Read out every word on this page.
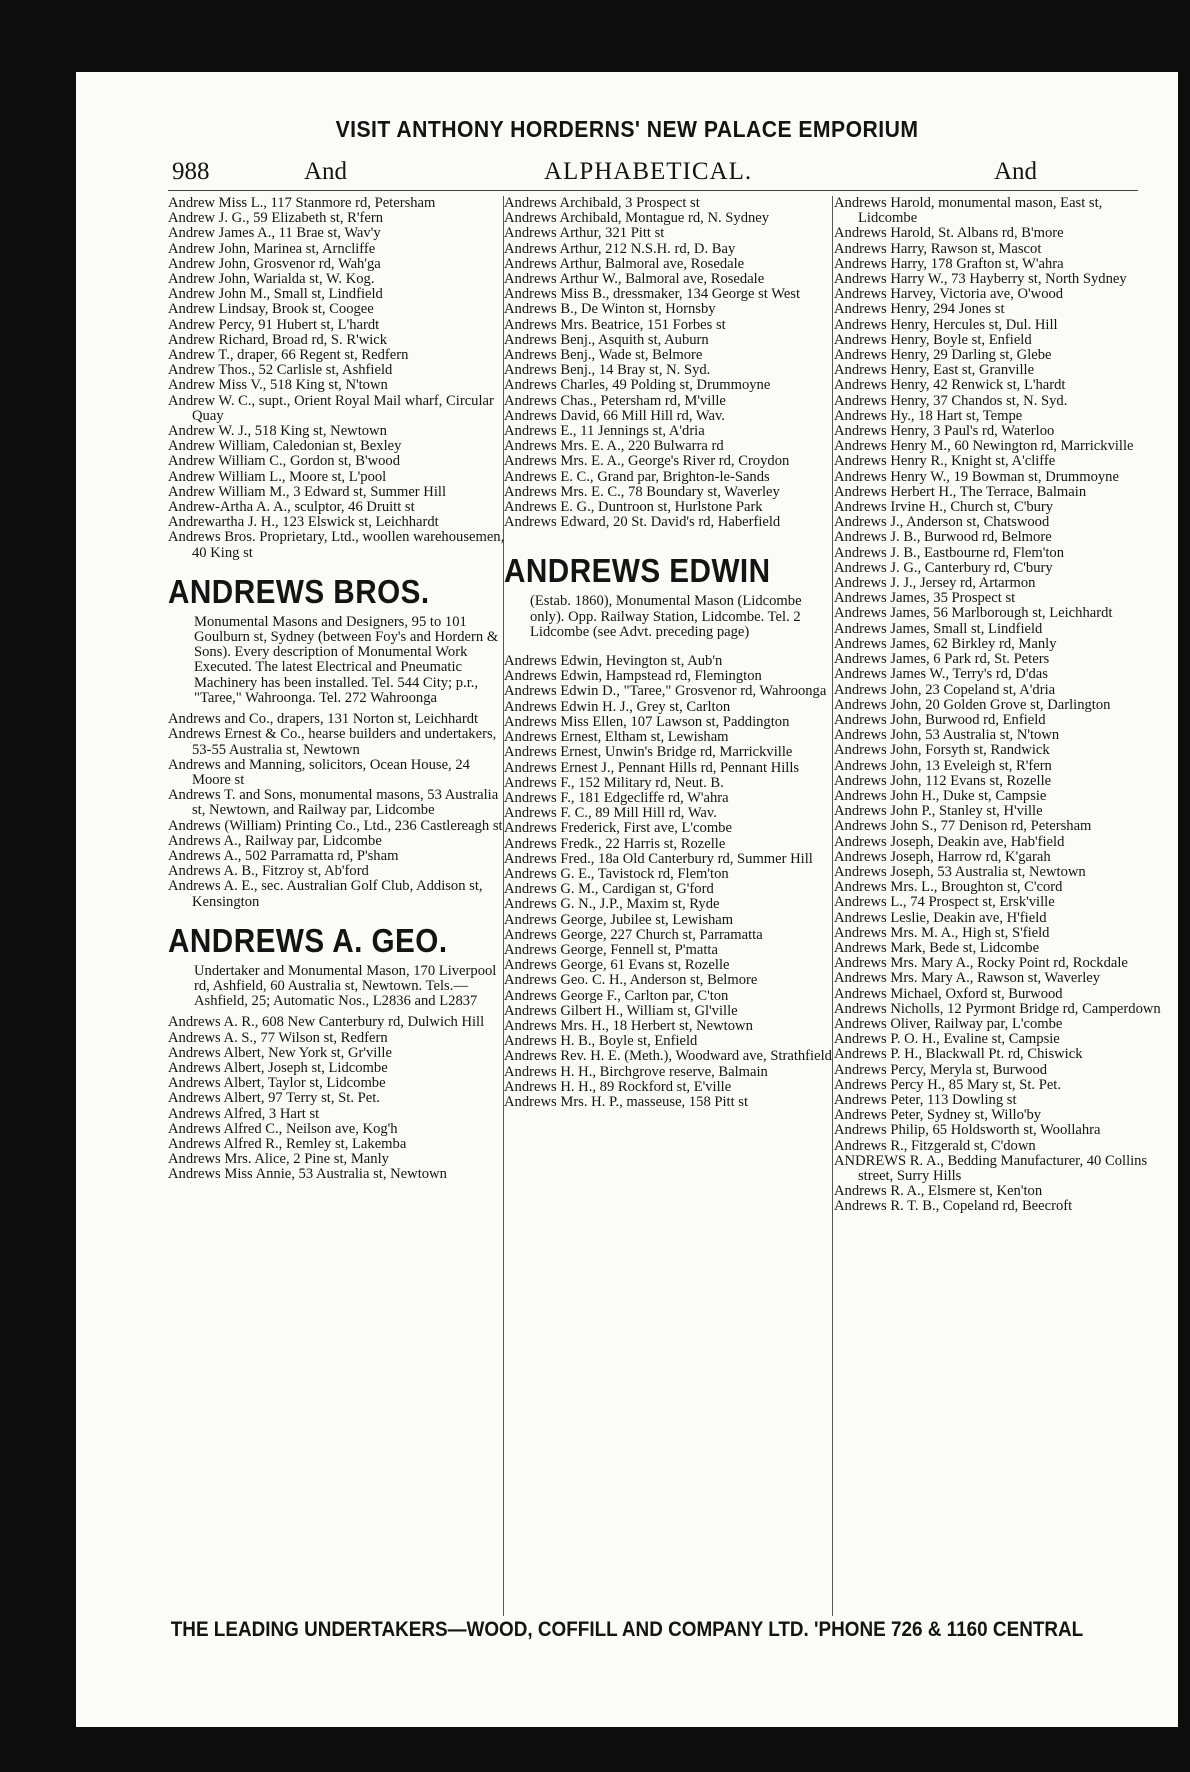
VISIT ANTHONY HORDERNS' NEW PALACE EMPORIUM
988	And	ALPHABETICAL.	And

Andrew Miss L., 117 Stanmore rd, Petersham

Andrew J. G., 59 Elizabeth st, R'fern

Andrew James A., 11 Brae st, Wav'y

Andrew John, Marinea st, Arncliffe

Andrew John, Grosvenor rd, Wah'ga

Andrew John, Warialda st, W. Kog.

Andrew John M., Small st, Lindfield

Andrew Lindsay, Brook st, Coogee

Andrew Percy, 91 Hubert st, L'hardt

Andrew Richard, Broad rd, S. R'wick

Andrew T., draper, 66 Regent st, Redfern

Andrew Thos., 52 Carlisle st, Ashfield

Andrew Miss V., 518 King st, N'town

Andrew W. C., supt., Orient Royal Mail wharf, Circular Quay

Andrew W. J., 518 King st, Newtown

Andrew William, Caledonian st, Bexley

Andrew William C., Gordon st, B'wood

Andrew William L., Moore st, L'pool

Andrew William M., 3 Edward st, Summer Hill

Andrew-Artha A. A., sculptor, 46 Druitt st

Andrewartha J. H., 123 Elswick st, Leichhardt

Andrews Bros. Proprietary, Ltd., woollen warehousemen, 40 King st

ANDREWS BROS.

Monumental Masons and Designers, 95 to 101 Goulburn st, Sydney (between Foy's and Hordern & Sons). Every description of Monumental Work Executed. The latest Electrical and Pneumatic Machinery has been installed. Tel. 544 City; p.r., "Taree," Wahroonga. Tel. 272 Wahroonga

Andrews and Co., drapers, 131 Norton st, Leichhardt

Andrews Ernest & Co., hearse builders and undertakers, 53-55 Australia st, Newtown

Andrews and Manning, solicitors, Ocean House, 24 Moore st

Andrews T. and Sons, monumental masons, 53 Australia st, Newtown, and Railway par, Lidcombe

Andrews (William) Printing Co., Ltd., 236 Castlereagh st

Andrews A., Railway par, Lidcombe

Andrews A., 502 Parramatta rd, P'sham

Andrews A. B., Fitzroy st, Ab'ford

Andrews A. E., sec. Australian Golf Club, Addison st, Kensington

ANDREWS A. GEO.

Undertaker and Monumental Mason, 170 Liverpool rd, Ashfield, 60 Australia st, Newtown. Tels.—Ashfield, 25; Automatic Nos., L2836 and L2837

Andrews A. R., 608 New Canterbury rd, Dulwich Hill

Andrews A. S., 77 Wilson st, Redfern

Andrews Albert, New York st, Gr'ville

Andrews Albert, Joseph st, Lidcombe

Andrews Albert, Taylor st, Lidcombe

Andrews Albert, 97 Terry st, St. Pet.

Andrews Alfred, 3 Hart st

Andrews Alfred C., Neilson ave, Kog'h

Andrews Alfred R., Remley st, Lakemba

Andrews Mrs. Alice, 2 Pine st, Manly

Andrews Miss Annie, 53 Australia st, Newtown

Andrews Archibald, 3 Prospect st

Andrews Archibald, Montague rd, N. Sydney

Andrews Arthur, 321 Pitt st

Andrews Arthur, 212 N.S.H. rd, D. Bay

Andrews Arthur, Balmoral ave, Rosedale

Andrews Arthur W., Balmoral ave, Rosedale

Andrews Miss B., dressmaker, 134 George st West

Andrews B., De Winton st, Hornsby

Andrews Mrs. Beatrice, 151 Forbes st

Andrews Benj., Asquith st, Auburn

Andrews Benj., Wade st, Belmore

Andrews Benj., 14 Bray st, N. Syd.

Andrews Charles, 49 Polding st, Drummoyne

Andrews Chas., Petersham rd, M'ville

Andrews David, 66 Mill Hill rd, Wav.

Andrews E., 11 Jennings st, A'dria

Andrews Mrs. E. A., 220 Bulwarra rd

Andrews Mrs. E. A., George's River rd, Croydon

Andrews E. C., Grand par, Brighton-le-Sands

Andrews Mrs. E. C., 78 Boundary st, Waverley

Andrews E. G., Duntroon st, Hurlstone Park

Andrews Edward, 20 St. David's rd, Haberfield

ANDREWS EDWIN

(Estab. 1860), Monumental Mason (Lidcombe only). Opp. Railway Station, Lidcombe. Tel. 2 Lidcombe (see Advt. preceding page)

Andrews Edwin, Hevington st, Aub'n

Andrews Edwin, Hampstead rd, Flemington

Andrews Edwin D., "Taree," Grosvenor rd, Wahroonga

Andrews Edwin H. J., Grey st, Carlton

Andrews Miss Ellen, 107 Lawson st, Paddington

Andrews Ernest, Eltham st, Lewisham

Andrews Ernest, Unwin's Bridge rd, Marrickville

Andrews Ernest J., Pennant Hills rd, Pennant Hills

Andrews F., 152 Military rd, Neut. B.

Andrews F., 181 Edgecliffe rd, W'ahra

Andrews F. C., 89 Mill Hill rd, Wav.

Andrews Frederick, First ave, L'combe

Andrews Fredk., 22 Harris st, Rozelle

Andrews Fred., 18a Old Canterbury rd, Summer Hill

Andrews G. E., Tavistock rd, Flem'ton

Andrews G. M., Cardigan st, G'ford

Andrews G. N., J.P., Maxim st, Ryde

Andrews George, Jubilee st, Lewisham

Andrews George, 227 Church st, Parramatta

Andrews George, Fennell st, P'matta

Andrews George, 61 Evans st, Rozelle

Andrews Geo. C. H., Anderson st, Belmore

Andrews George F., Carlton par, C'ton

Andrews Gilbert H., William st, Gl'ville

Andrews Mrs. H., 18 Herbert st, Newtown

Andrews H. B., Boyle st, Enfield

Andrews Rev. H. E. (Meth.), Woodward ave, Strathfield

Andrews H. H., Birchgrove reserve, Balmain

Andrews H. H., 89 Rockford st, E'ville

Andrews Mrs. H. P., masseuse, 158 Pitt st

Andrews Harold, monumental mason, East st, Lidcombe

Andrews Harold, St. Albans rd, B'more

Andrews Harry, Rawson st, Mascot

Andrews Harry, 178 Grafton st, W'ahra

Andrews Harry W., 73 Hayberry st, North Sydney

Andrews Harvey, Victoria ave, O'wood

Andrews Henry, 294 Jones st

Andrews Henry, Hercules st, Dul. Hill

Andrews Henry, Boyle st, Enfield

Andrews Henry, 29 Darling st, Glebe

Andrews Henry, East st, Granville

Andrews Henry, 42 Renwick st, L'hardt

Andrews Henry, 37 Chandos st, N. Syd.

Andrews Hy., 18 Hart st, Tempe

Andrews Henry, 3 Paul's rd, Waterloo

Andrews Henry M., 60 Newington rd, Marrickville

Andrews Henry R., Knight st, A'cliffe

Andrews Henry W., 19 Bowman st, Drummoyne

Andrews Herbert H., The Terrace, Balmain

Andrews Irvine H., Church st, C'bury

Andrews J., Anderson st, Chatswood

Andrews J. B., Burwood rd, Belmore

Andrews J. B., Eastbourne rd, Flem'ton

Andrews J. G., Canterbury rd, C'bury

Andrews J. J., Jersey rd, Artarmon

Andrews James, 35 Prospect st

Andrews James, 56 Marlborough st, Leichhardt

Andrews James, Small st, Lindfield

Andrews James, 62 Birkley rd, Manly

Andrews James, 6 Park rd, St. Peters

Andrews James W., Terry's rd, D'das

Andrews John, 23 Copeland st, A'dria

Andrews John, 20 Golden Grove st, Darlington

Andrews John, Burwood rd, Enfield

Andrews John, 53 Australia st, N'town

Andrews John, Forsyth st, Randwick

Andrews John, 13 Eveleigh st, R'fern

Andrews John, 112 Evans st, Rozelle

Andrews John H., Duke st, Campsie

Andrews John P., Stanley st, H'ville

Andrews John S., 77 Denison rd, Petersham

Andrews Joseph, Deakin ave, Hab'field

Andrews Joseph, Harrow rd, K'garah

Andrews Joseph, 53 Australia st, Newtown

Andrews Mrs. L., Broughton st, C'cord

Andrews L., 74 Prospect st, Ersk'ville

Andrews Leslie, Deakin ave, H'field

Andrews Mrs. M. A., High st, S'field

Andrews Mark, Bede st, Lidcombe

Andrews Mrs. Mary A., Rocky Point rd, Rockdale

Andrews Mrs. Mary A., Rawson st, Waverley

Andrews Michael, Oxford st, Burwood

Andrews Nicholls, 12 Pyrmont Bridge rd, Camperdown

Andrews Oliver, Railway par, L'combe

Andrews P. O. H., Evaline st, Campsie

Andrews P. H., Blackwall Pt. rd, Chiswick

Andrews Percy, Meryla st, Burwood

Andrews Percy H., 85 Mary st, St. Pet.

Andrews Peter, 113 Dowling st

Andrews Peter, Sydney st, Willo'by

Andrews Philip, 65 Holdsworth st, Woollahra

Andrews R., Fitzgerald st, C'down

ANDREWS R. A., Bedding Manufacturer, 40 Collins street, Surry Hills

Andrews R. A., Elsmere st, Ken'ton

Andrews R. T. B., Copeland rd, Beecroft

THE LEADING UNDERTAKERS—WOOD, COFFILL AND COMPANY LTD. 'PHONE 726 & 1160 CENTRAL
